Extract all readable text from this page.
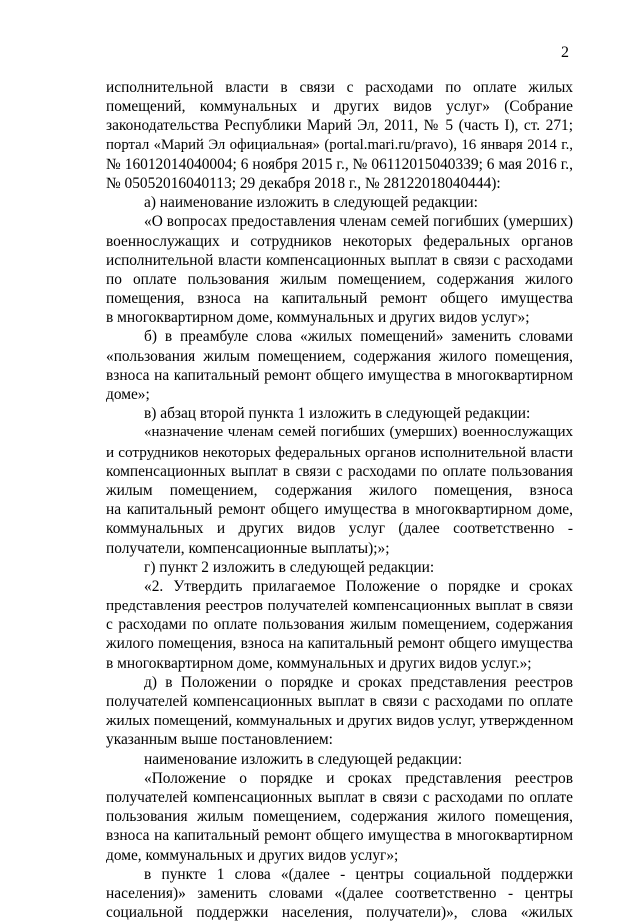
2
исполнительной власти в связи с расходами по оплате жилых
помещений, коммунальных и других видов услуг» (Собрание
законодательства Республики Марий Эл, 2011, № 5 (часть I), ст. 271;
портал «Марий Эл официальная» (portal.mari.ru/pravo), 16 января 2014 г.,
№ 16012014040004; 6 ноября 2015 г., № 06112015040339; 6 мая 2016 г.,
№ 05052016040113; 29 декабря 2018 г., № 28122018040444):
а) наименование изложить в следующей редакции:
«О вопросах предоставления членам семей погибших (умерших)
военнослужащих и сотрудников некоторых федеральных органов
исполнительной власти компенсационных выплат в связи с расходами
по оплате пользования жилым помещением, содержания жилого
помещения, взноса на капитальный ремонт общего имущества
в многоквартирном доме, коммунальных и других видов услуг»;
б) в преамбуле слова «жилых помещений» заменить словами
«пользования жилым помещением, содержания жилого помещения,
взноса на капитальный ремонт общего имущества в многоквартирном
доме»;
в) абзац второй пункта 1 изложить в следующей редакции:
«назначение членам семей погибших (умерших) военнослужащих
и сотрудников некоторых федеральных органов исполнительной власти
компенсационных выплат в связи с расходами по оплате пользования
жилым помещением, содержания жилого помещения, взноса
на капитальный ремонт общего имущества в многоквартирном доме,
коммунальных и других видов услуг (далее соответственно -
получатели, компенсационные выплаты);»;
г) пункт 2 изложить в следующей редакции:
«2. Утвердить прилагаемое Положение о порядке и сроках
представления реестров получателей компенсационных выплат в связи
с расходами по оплате пользования жилым помещением, содержания
жилого помещения, взноса на капитальный ремонт общего имущества
в многоквартирном доме, коммунальных и других видов услуг.»;
д) в Положении о порядке и сроках представления реестров
получателей компенсационных выплат в связи с расходами по оплате
жилых помещений, коммунальных и других видов услуг, утвержденном
указанным выше постановлением:
наименование изложить в следующей редакции:
«Положение о порядке и сроках представления реестров
получателей компенсационных выплат в связи с расходами по оплате
пользования жилым помещением, содержания жилого помещения,
взноса на капитальный ремонт общего имущества в многоквартирном
доме, коммунальных и других видов услуг»;
в пункте 1 слова «(далее - центры социальной поддержки
населения)» заменить словами «(далее соответственно - центры
социальной поддержки населения, получатели)», слова «жилых
